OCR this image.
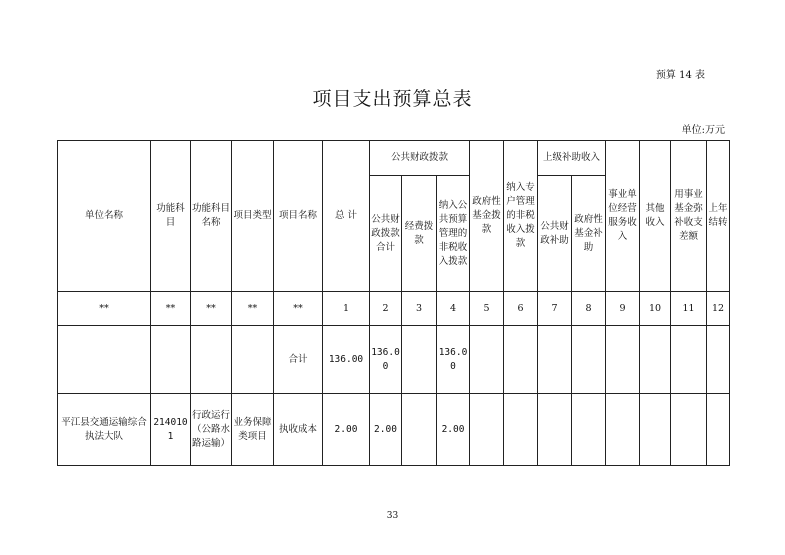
预算 14 表
项目支出预算总表
单位:万元
单位名称	功能科目	功能科目名称	项目类型	项目名称	总 计	公共财政拨款			政府性基金拨款	纳入专户管理的非税收入拨款	上级补助收入		事业单位经营服务收入	其他收入	用事业基金弥补收支差额	上年结转
						公共财政拨款合计	经费拨款	纳入公共预算管理的非税收入拨款			公共财政补助	政府性基金补助				
**	**	**	**	**	1	2	3	4	5	6	7	8	9	10	11	12
				合计	136.00	136.00		136.00								
平江县交通运输综合执法大队	2140101	行政运行（公路水路运输）	业务保障类项目	执收成本	2.00	2.00		2.00								
33
